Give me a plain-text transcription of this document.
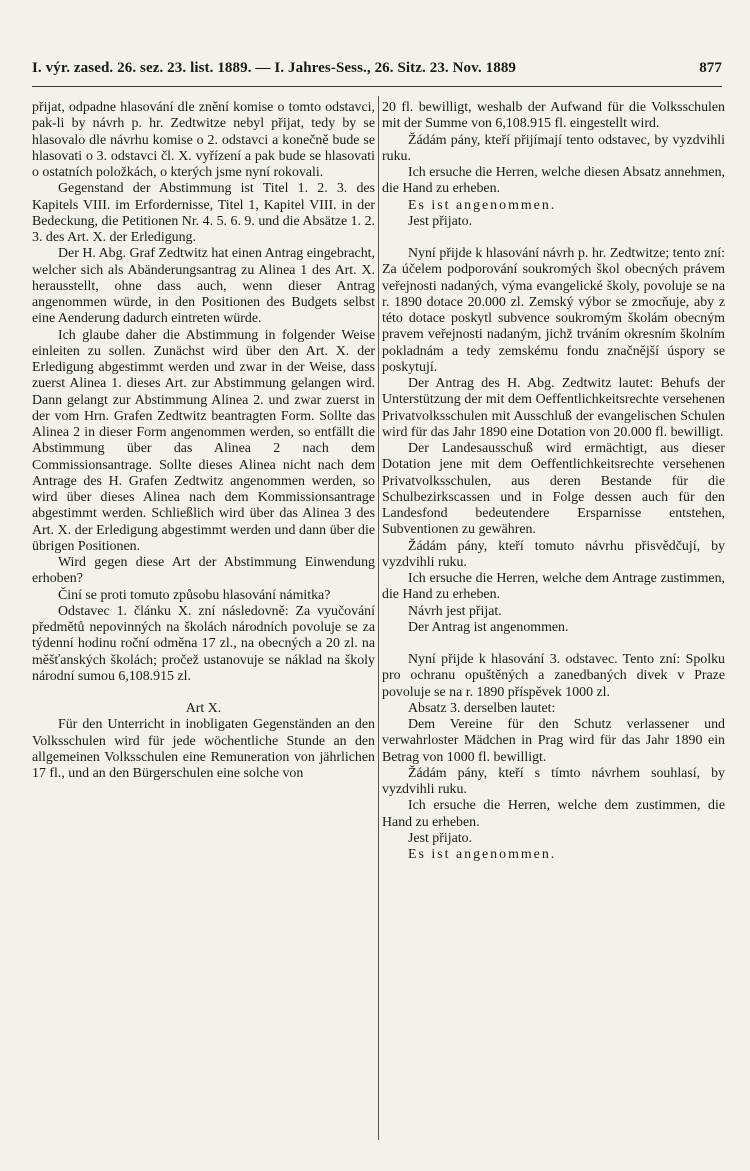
I. výr. zased. 26. sez. 23. list. 1889. — I. Jahres-Sess., 26. Sitz. 23. Nov. 1889	877

přijat, odpadne hlasování dle znění komise o tomto odstavci, pak-li by návrh p. hr. Zedtwitze nebyl přijat, tedy by se hlasovalo dle návrhu komise o 2. odstavci a konečně bude se hlasovati o 3. odstavci čl. X. vyřízení a pak bude se hlasovati o ostatních položkách, o kterých jsme nyní rokovali.

Gegenstand der Abstimmung ist Titel 1. 2. 3. des Kapitels VIII. im Erfordernisse, Titel 1, Kapitel VIII. in der Bedeckung, die Petitionen Nr. 4. 5. 6. 9. und die Absätze 1. 2. 3. des Art. X. der Erledigung.

Der H. Abg. Graf Zedtwitz hat einen Antrag eingebracht, welcher sich als Abänderungsantrag zu Alinea 1 des Art. X. herausstellt, ohne dass auch, wenn dieser Antrag angenommen würde, in den Positionen des Budgets selbst eine Aenderung dadurch eintreten würde.

Ich glaube daher die Abstimmung in folgender Weise einleiten zu sollen. Zunächst wird über den Art. X. der Erledigung abgestimmt werden und zwar in der Weise, dass zuerst Alinea 1. dieses Art. zur Abstimmung gelangen wird. Dann gelangt zur Abstimmung Alinea 2. und zwar zuerst in der vom Hrn. Grafen Zedtwitz beantragten Form. Sollte das Alinea 2 in dieser Form angenommen werden, so entfällt die Abstimmung über das Alinea 2 nach dem Commissionsantrage. Sollte dieses Alinea nicht nach dem Antrage des H. Grafen Zedtwitz angenommen werden, so wird über dieses Alinea nach dem Kommissionsantrage abgestimmt werden. Schließlich wird über das Alinea 3 des Art. X. der Erledigung abgestimmt werden und dann über die übrigen Positionen.

Wird gegen diese Art der Abstimmung Einwendung erhoben?

Činí se proti tomuto způsobu hlasování námitka?

Odstavec 1. článku X. zní následovně: Za vyučování předmětů nepovinných na školách národních povoluje se za týdenní hodinu roční odměna 17 zl., na obecných a 20 zl. na měšťanských školách; pročež ustanovuje se náklad na školy národní sumou 6,108.915 zl.

Art X.

Für den Unterricht in inobligaten Gegenständen an den Volksschulen wird für jede wöchentliche Stunde an den allgemeinen Volksschulen eine Remuneration von jährlichen 17 fl., und an den Bürgerschulen eine solche von

20 fl. bewilligt, weshalb der Aufwand für die Volksschulen mit der Summe von 6,108.915 fl. eingestellt wird.

Žádám pány, kteří přijímají tento odstavec, by vyzdvihli ruku.

Ich ersuche die Herren, welche diesen Absatz annehmen, die Hand zu erheben.

Es ist angenommen.

Jest přijato.

Nyní přijde k hlasování návrh p. hr. Zedtwitze; tento zní: Za účelem podporování soukromých škol obecných právem veřejnosti nadaných, výma evangelické školy, povoluje se na r. 1890 dotace 20.000 zl. Zemský výbor se zmocňuje, aby z této dotace poskytl subvence soukromým školám obecným pravem veřejnosti nadaným, jichž trváním okresním školním pokladnám a tedy zemskému fondu značnější úspory se poskytují.

Der Antrag des H. Abg. Zedtwitz lautet: Behufs der Unterstützung der mit dem Oeffentlichkeitsrechte versehenen Privatvolksschulen mit Ausschluß der evangelischen Schulen wird für das Jahr 1890 eine Dotation von 20.000 fl. bewilligt.

Der Landesausschuß wird ermächtigt, aus dieser Dotation jene mit dem Oeffentlichkeitsrechte versehenen Privatvolksschulen, aus deren Bestande für die Schulbezirkscassen und in Folge dessen auch für den Landesfond bedeutendere Ersparnisse entstehen, Subventionen zu gewähren.

Žádám pány, kteří tomuto návrhu přisvědčují, by vyzdvihli ruku.

Ich ersuche die Herren, welche dem Antrage zustimmen, die Hand zu erheben.

Návrh jest přijat.

Der Antrag ist angenommen.

Nyní přijde k hlasování 3. odstavec. Tento zní: Spolku pro ochranu opuštěných a zanedbaných divek v Praze povoluje se na r. 1890 příspěvek 1000 zl.

Absatz 3. derselben lautet:

Dem Vereine für den Schutz verlassener und verwahrloster Mädchen in Prag wird für das Jahr 1890 ein Betrag von 1000 fl. bewilligt.

Žádám pány, kteří s tímto návrhem souhlasí, by vyzdvihli ruku.

Ich ersuche die Herren, welche dem zustimmen, die Hand zu erheben.

Jest přijato.

Es ist angenommen.
